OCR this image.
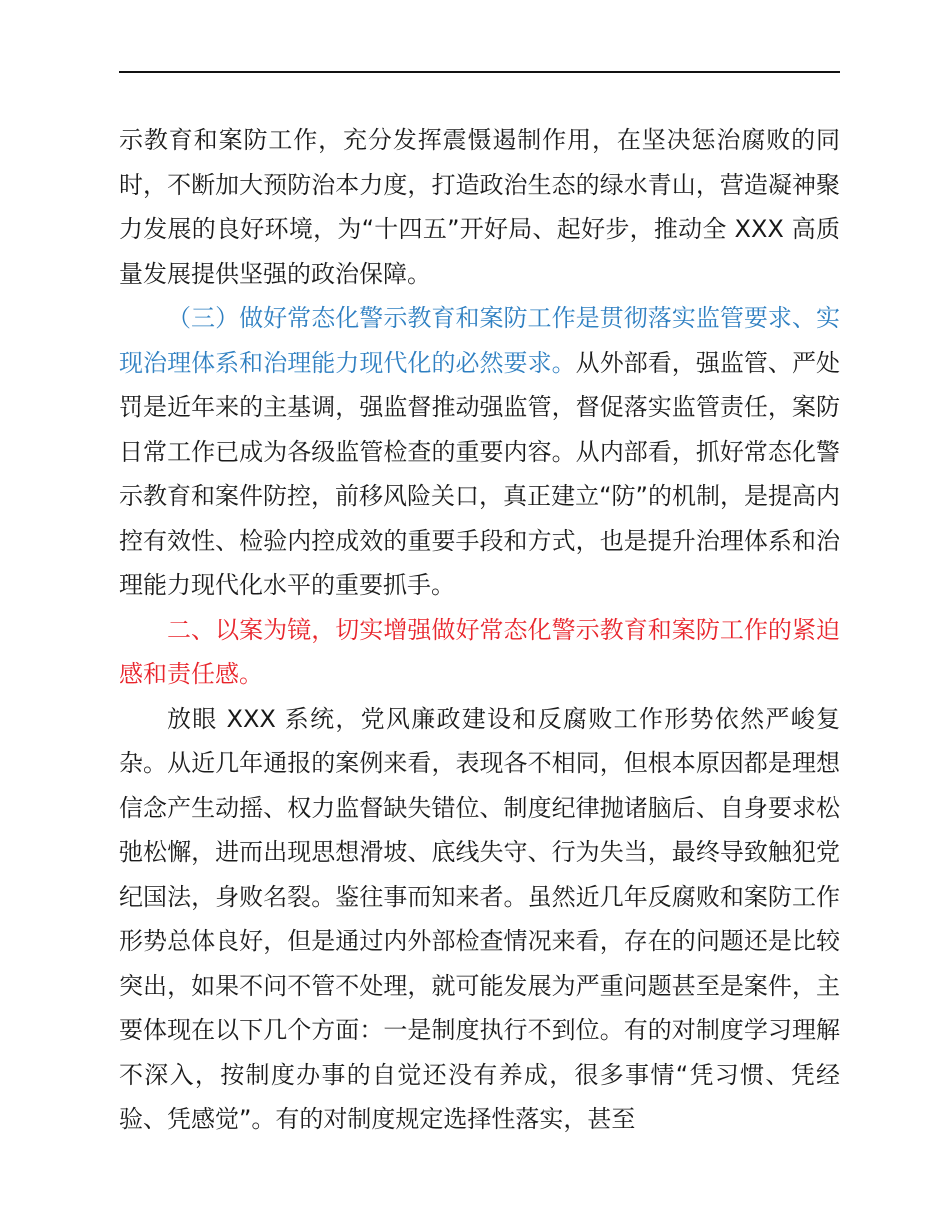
示教育和案防工作，充分发挥震慑遏制作用，在坚决惩治腐败的同时，不断加大预防治本力度，打造政治生态的绿水青山，营造凝神聚力发展的良好环境，为“十四五”开好局、起好步，推动全 XXX 高质量发展提供坚强的政治保障。

（三）做好常态化警示教育和案防工作是贯彻落实监管要求、实现治理体系和治理能力现代化的必然要求。从外部看，强监管、严处罚是近年来的主基调，强监督推动强监管，督促落实监管责任，案防日常工作已成为各级监管检查的重要内容。从内部看，抓好常态化警示教育和案件防控，前移风险关口，真正建立“防”的机制，是提高内控有效性、检验内控成效的重要手段和方式，也是提升治理体系和治理能力现代化水平的重要抓手。

二、以案为镜，切实增强做好常态化警示教育和案防工作的紧迫感和责任感。

放眼 XXX 系统，党风廉政建设和反腐败工作形势依然严峻复杂。从近几年通报的案例来看，表现各不相同，但根本原因都是理想信念产生动摇、权力监督缺失错位、制度纪律抛诸脑后、自身要求松弛松懈，进而出现思想滑坡、底线失守、行为失当，最终导致触犯党纪国法，身败名裂。鉴往事而知来者。虽然近几年反腐败和案防工作形势总体良好，但是通过内外部检查情况来看，存在的问题还是比较突出，如果不问不管不处理，就可能发展为严重问题甚至是案件，主要体现在以下几个方面：一是制度执行不到位。有的对制度学习理解不深入，按制度办事的自觉还没有养成，很多事情“凭习惯、凭经验、凭感觉”。有的对制度规定选择性落实，甚至
